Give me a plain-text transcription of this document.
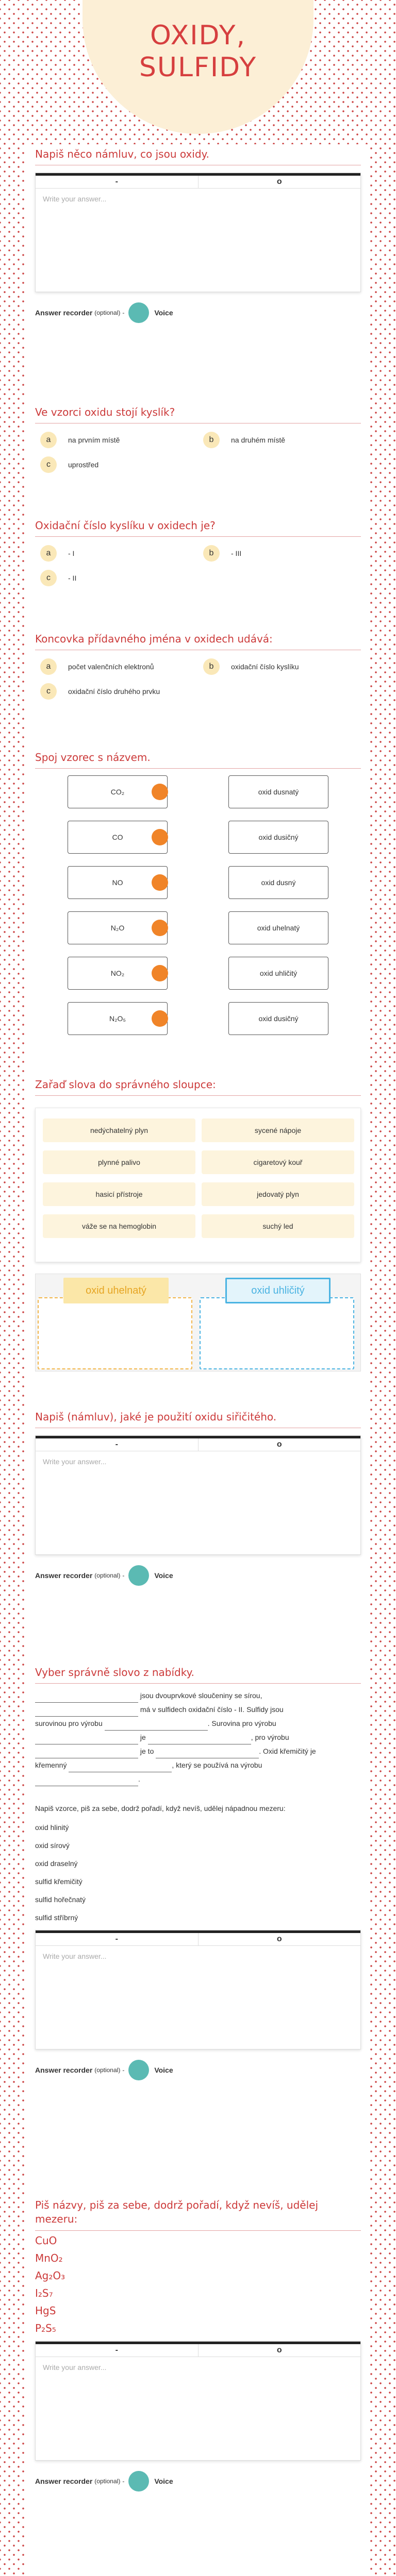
OXIDY,
SULFIDY
Napiš něco námluv, co jsou oxidy.
-	o
Write your answer...
Answer recorder (optional) -	Voice
Ve vzorci oxidu stojí kyslík?
a	na prvním místě	b	na druhém místě
c	uprostřed
Oxidační číslo kyslíku v oxidech je?
a	- I	b	- III
c	- II
Koncovka přídavného jména v oxidech udává:
a	počet valenčních elektronů	b	oxidační číslo kyslíku
c	oxidační číslo druhého prvku
Spoj vzorec s názvem.
CO₂	oxid dusnatý
CO	oxid dusičný
NO	oxid dusný
N₂O	oxid uhelnatý
NO₂	oxid uhličitý
N₂O₅	oxid dusičný
Zařaď slova do správného sloupce:
nedýchatelný plyn	sycené nápoje
plynné palivo	cigaretový kouř
hasicí přístroje	jedovatý plyn
váže se na hemoglobin	suchý led
oxid uhelnatý	oxid uhličitý
Napiš (námluv), jaké je použití oxidu siřičitého.
-	o
Write your answer...
Answer recorder (optional) -	Voice
Vyber správně slovo z nabídky.
jsou dvouprvkové sloučeniny se sírou,
má v sulfidech oxidační číslo - II. Sulfidy jsou
surovinou pro výrobu	. Surovina pro výrobu
je	, pro výrobu
je to	. Oxid křemičitý je
křemenný	, který se používá na výrobu
.
Napiš vzorce, piš za sebe, dodrž pořadí, když nevíš, udělej nápadnou mezeru:
oxid hlinitý
oxid sírový
oxid draselný
sulfid křemičitý
sulfid hořečnatý
sulfid stříbrný
-	o
Write your answer...
Answer recorder (optional) -	Voice
Piš názvy, piš za sebe, dodrž pořadí, když nevíš, udělej mezeru:
CuO
MnO₂
Ag₂O₃
I₂S₇
HgS
P₂S₅
-	o
Write your answer...
Answer recorder (optional) -	Voice
